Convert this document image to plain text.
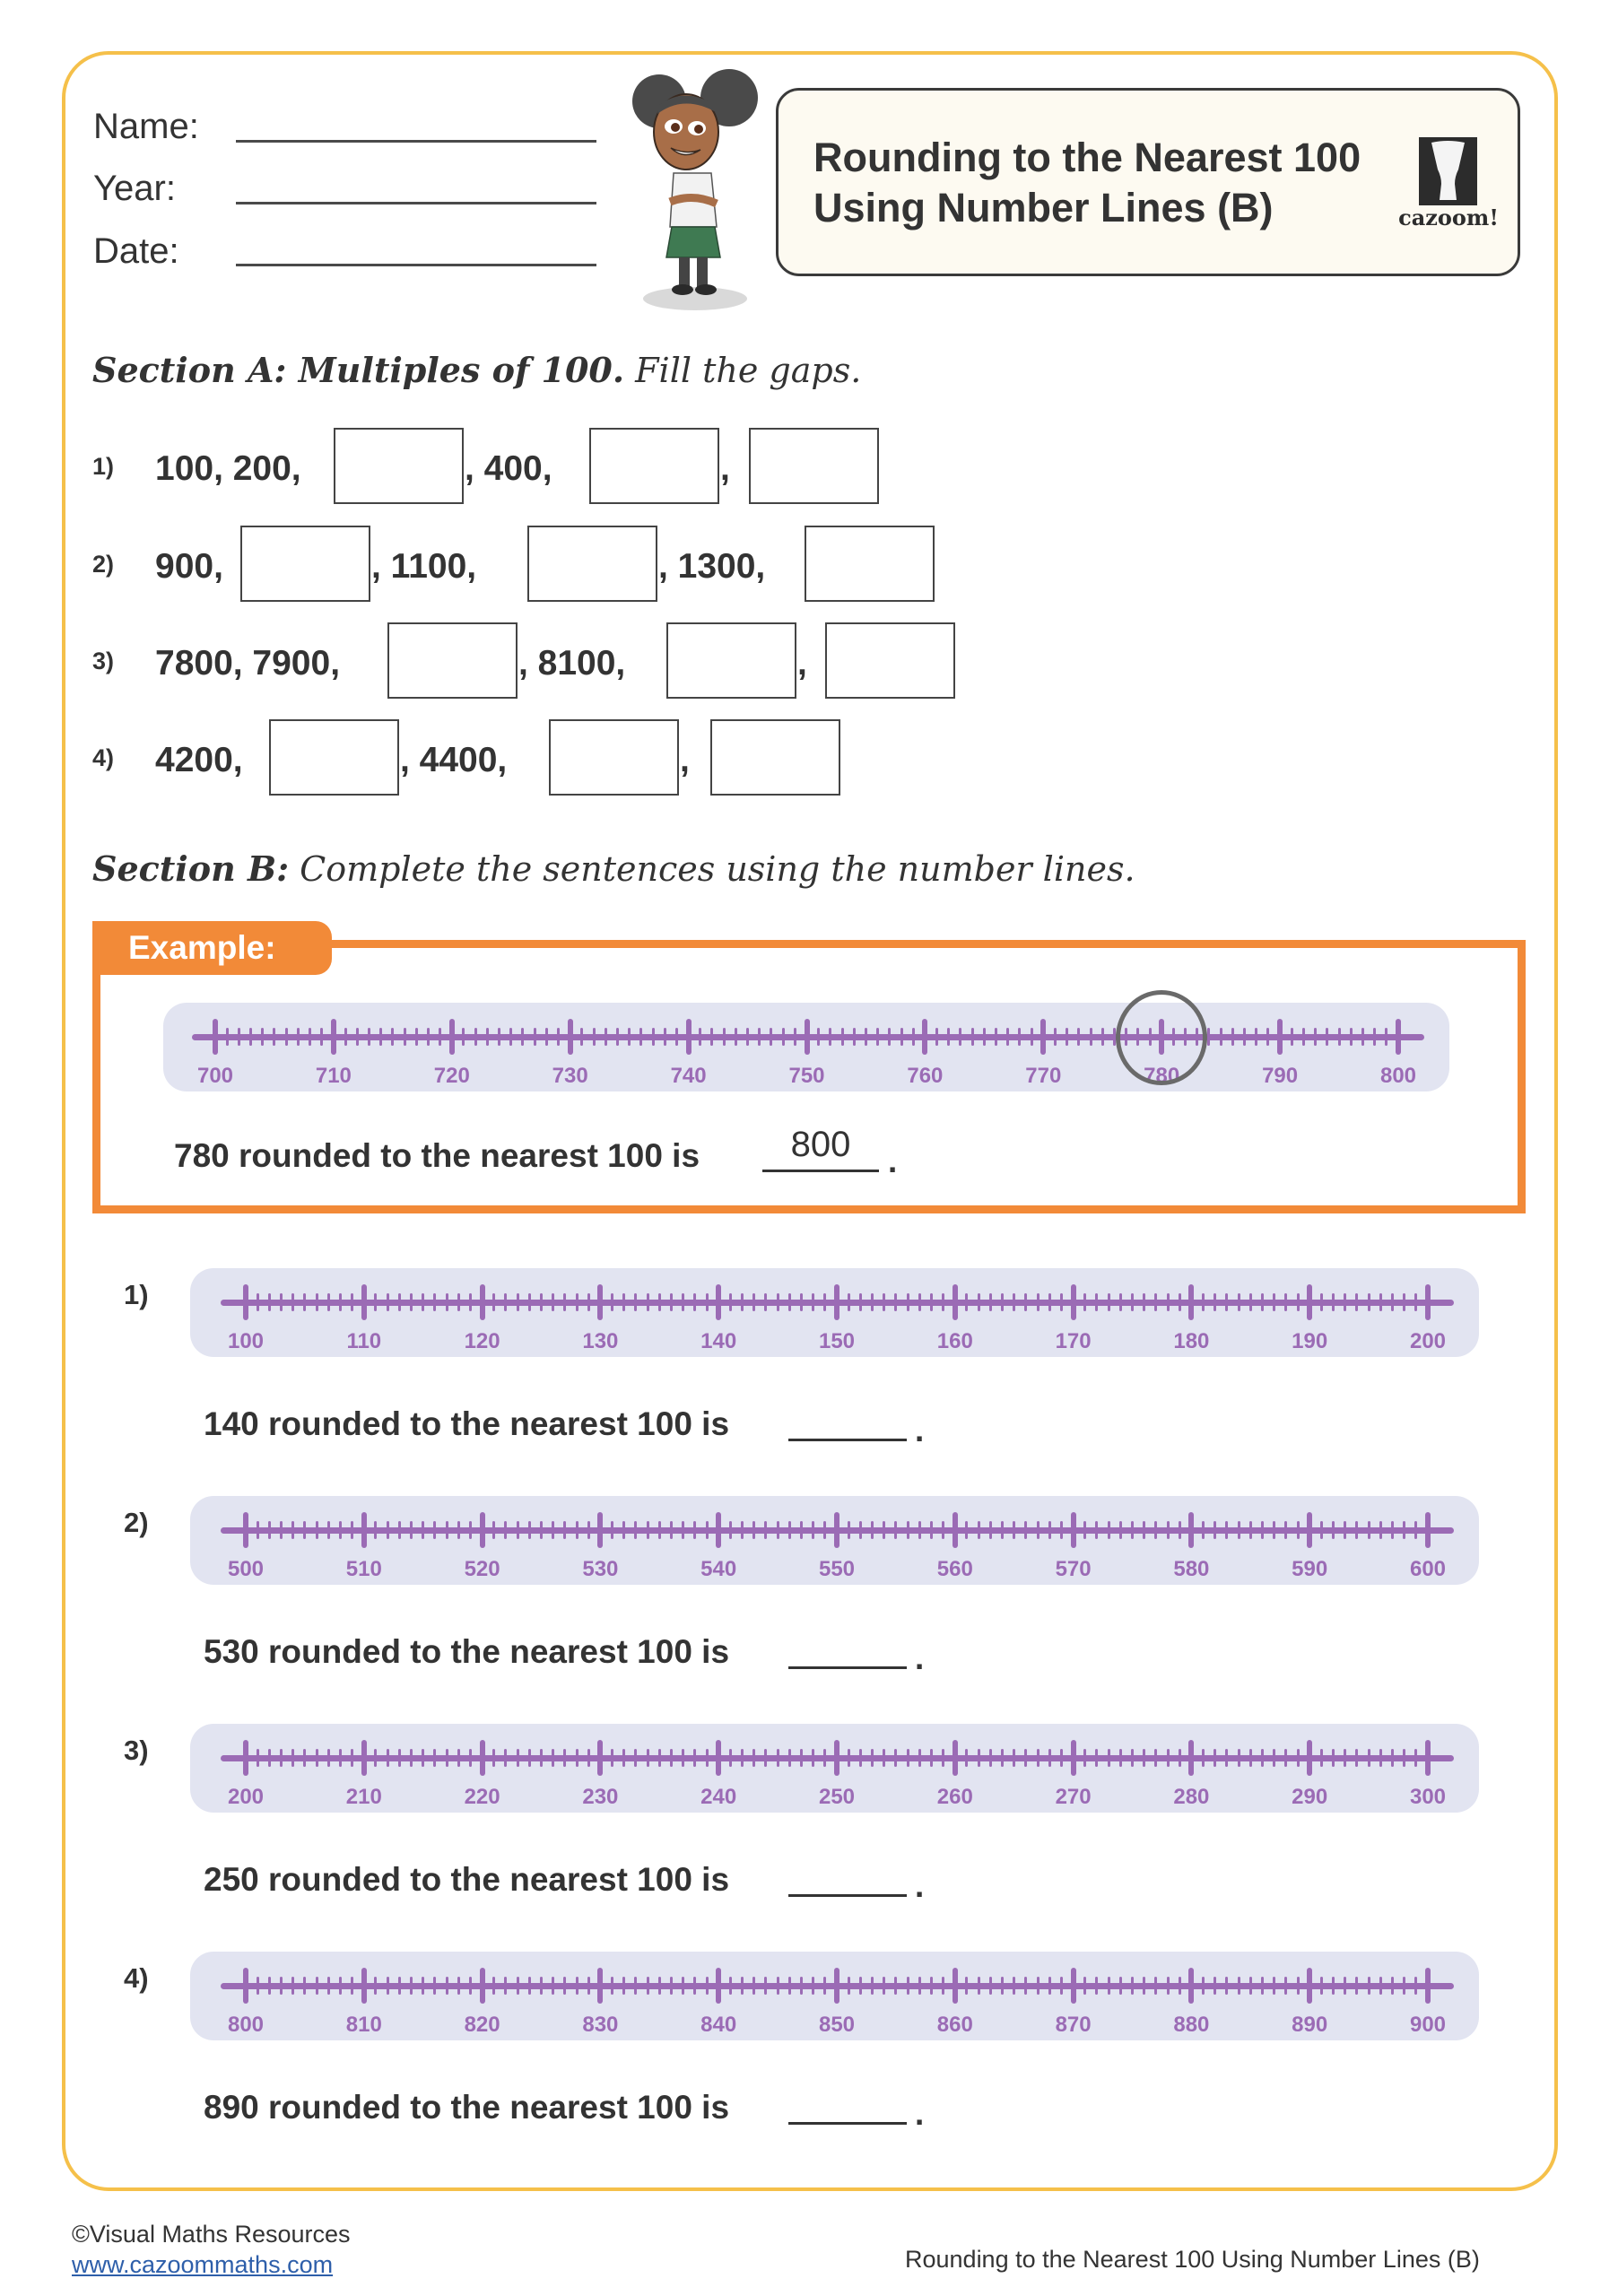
Name:
Year:
Date:
Rounding to the Nearest 100
Using Number Lines (B)	cazoom!
Section A: Multiples of 100. Fill the gaps.
1) 100, 200,	, 400,	,
2) 900,	, 1100,	, 1300,
3) 7800, 7900,	, 8100,	,
4) 4200,	, 4400,	,
Section B: Complete the sentences using the number lines.
Example:
700	710	720	730	740	750	760	770	780	790	800
780 rounded to the nearest 100 is	800	.
1)
100	110	120	130	140	150	160	170	180	190	200
140 rounded to the nearest 100 is	.
2)
500	510	520	530	540	550	560	570	580	590	600
530 rounded to the nearest 100 is	.
3)
200	210	220	230	240	250	260	270	280	290	300
250 rounded to the nearest 100 is	.
4)
800	810	820	830	840	850	860	870	880	890	900
890 rounded to the nearest 100 is	.
©Visual Maths Resources
www.cazoommaths.com	Rounding to the Nearest 100 Using Number Lines (B)
